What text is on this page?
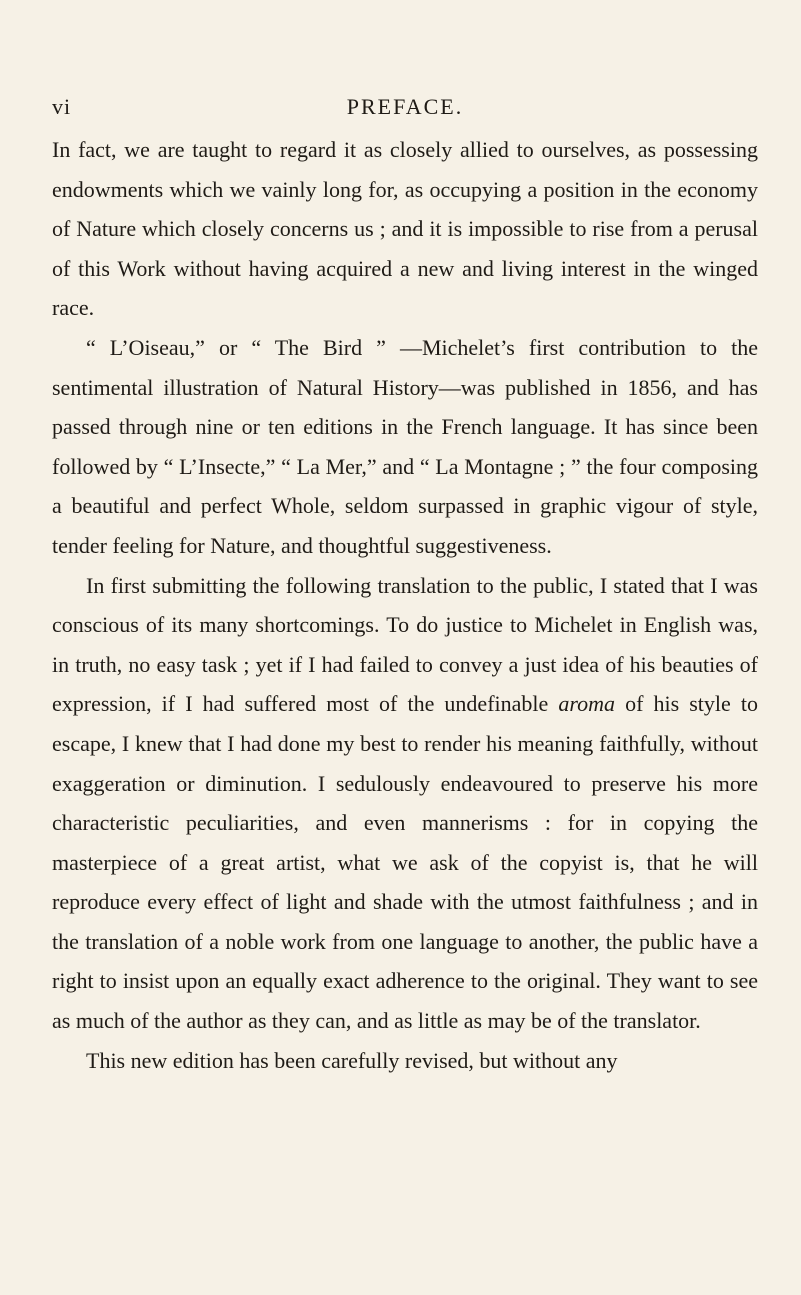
vi	PREFACE.

In fact, we are taught to regard it as closely allied to ourselves, as possessing endowments which we vainly long for, as occupying a position in the economy of Nature which closely concerns us ; and it is impossible to rise from a perusal of this Work without having acquired a new and living interest in the winged race.

“ L’Oiseau,” or “ The Bird ” —Michelet’s first contribution to the sentimental illustration of Natural History—was published in 1856, and has passed through nine or ten editions in the French language. It has since been followed by “ L’Insecte,” “ La Mer,” and “ La Montagne ; ” the four composing a beautiful and perfect Whole, seldom surpassed in graphic vigour of style, tender feeling for Nature, and thoughtful suggestiveness.

In first submitting the following translation to the public, I stated that I was conscious of its many shortcomings. To do justice to Michelet in English was, in truth, no easy task ; yet if I had failed to convey a just idea of his beauties of expression, if I had suffered most of the undefinable aroma of his style to escape, I knew that I had done my best to render his meaning faithfully, without exaggeration or diminution. I sedulously endeavoured to preserve his more characteristic peculiarities, and even mannerisms : for in copying the masterpiece of a great artist, what we ask of the copyist is, that he will reproduce every effect of light and shade with the utmost faithfulness ; and in the translation of a noble work from one language to another, the public have a right to insist upon an equally exact adherence to the original. They want to see as much of the author as they can, and as little as may be of the translator.

This new edition has been carefully revised, but without any
